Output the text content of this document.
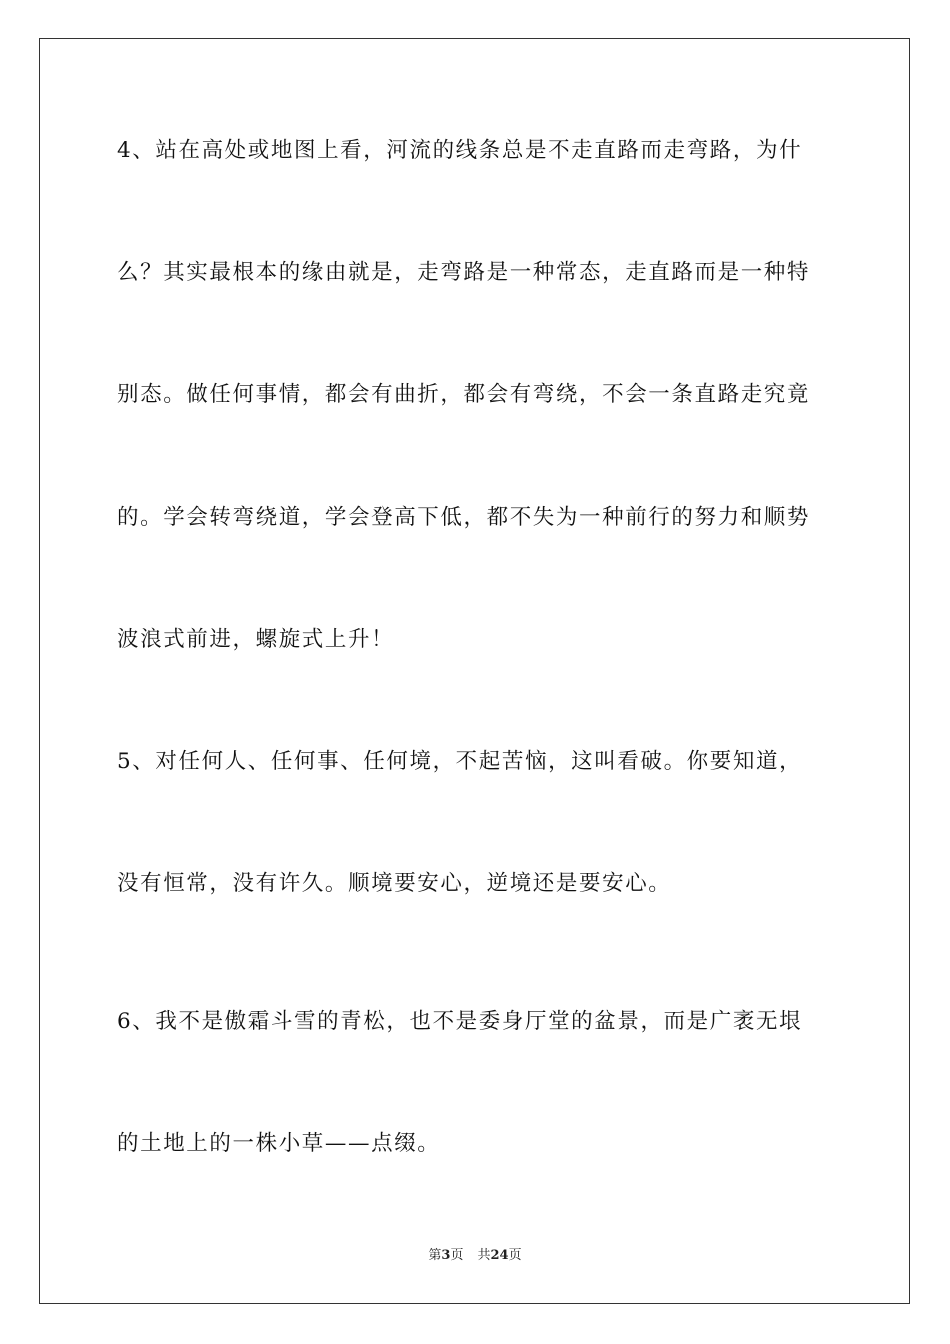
4、站在高处或地图上看，河流的线条总是不走直路而走弯路，为什

么？其实最根本的缘由就是，走弯路是一种常态，走直路而是一种特

别态。做任何事情，都会有曲折，都会有弯绕，不会一条直路走究竟

的。学会转弯绕道，学会登高下低，都不失为一种前行的努力和顺势

波浪式前进，螺旋式上升！

5、对任何人、任何事、任何境，不起苦恼，这叫看破。你要知道，

没有恒常，没有许久。顺境要安心，逆境还是要安心。

6、我不是傲霜斗雪的青松，也不是委身厅堂的盆景，而是广袤无垠

的土地上的一株小草——点缀。

第3页 共24页
